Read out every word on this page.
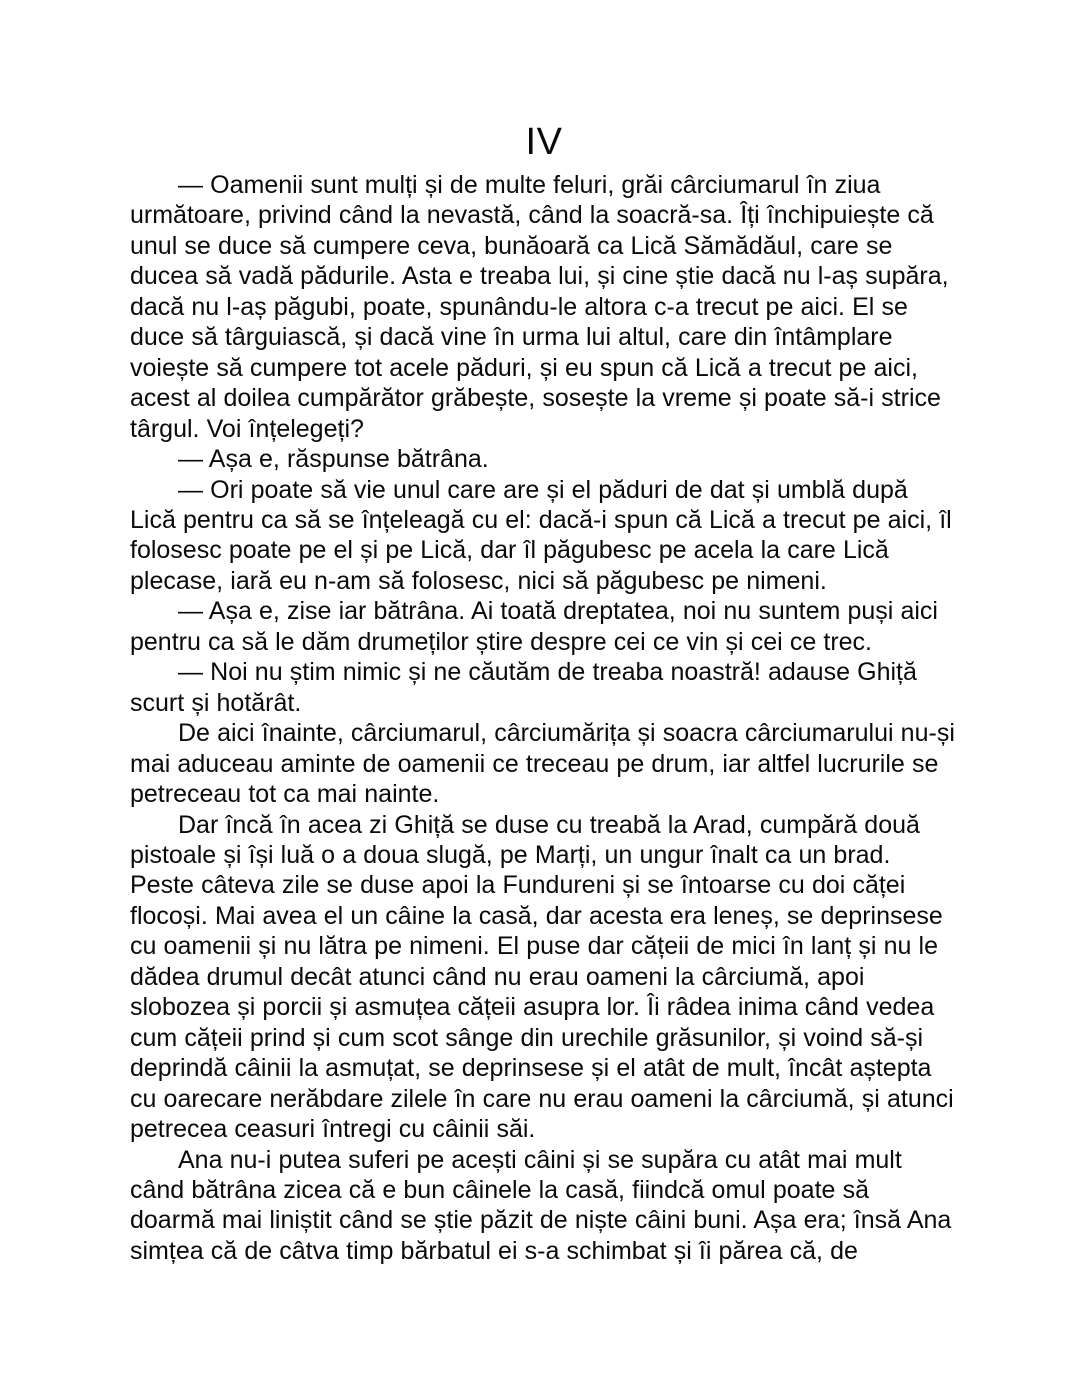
IV

— Oamenii sunt mulți și de multe feluri, grăi cârciumarul în ziua următoare, privind când la nevastă, când la soacră-sa. Îți închipuiește că unul se duce să cumpere ceva, bunăoară ca Lică Sămădăul, care se ducea să vadă pădurile. Asta e treaba lui, și cine știe dacă nu l-aș supăra, dacă nu l-aș păgubi, poate, spunându-le altora c-a trecut pe aici. El se duce să târguiască, și dacă vine în urma lui altul, care din întâmplare voiește să cumpere tot acele păduri, și eu spun că Lică a trecut pe aici, acest al doilea cumpărător grăbește, sosește la vreme și poate să-i strice târgul. Voi înțelegeți?

— Așa e, răspunse bătrâna.

— Ori poate să vie unul care are și el păduri de dat și umblă după Lică pentru ca să se înțeleagă cu el: dacă-i spun că Lică a trecut pe aici, îl folosesc poate pe el și pe Lică, dar îl păgubesc pe acela la care Lică plecase, iară eu n-am să folosesc, nici să păgubesc pe nimeni.

— Așa e, zise iar bătrâna. Ai toată dreptatea, noi nu suntem puși aici pentru ca să le dăm drumeților știre despre cei ce vin și cei ce trec.

— Noi nu știm nimic și ne căutăm de treaba noastră! adause Ghiță scurt și hotărât.

De aici înainte, cârciumarul, cârciumărița și soacra cârciumarului nu-și mai aduceau aminte de oamenii ce treceau pe drum, iar altfel lucrurile se petreceau tot ca mai nainte.

Dar încă în acea zi Ghiță se duse cu treabă la Arad, cumpără două pistoale și își luă o a doua slugă, pe Marți, un ungur înalt ca un brad. Peste câteva zile se duse apoi la Fundureni și se întoarse cu doi căței flocoși. Mai avea el un câine la casă, dar acesta era leneș, se deprinsese cu oamenii și nu lătra pe nimeni. El puse dar cățeii de mici în lanț și nu le dădea drumul decât atunci când nu erau oameni la cârciumă, apoi slobozea și porcii și asmuțea cățeii asupra lor. Îi râdea inima când vedea cum cățeii prind și cum scot sânge din urechile grăsunilor, și voind să-și deprindă câinii la asmuțat, se deprinsese și el atât de mult, încât aștepta cu oarecare nerăbdare zilele în care nu erau oameni la cârciumă, și atunci petrecea ceasuri întregi cu câinii săi.

Ana nu-i putea suferi pe acești câini și se supăra cu atât mai mult când bătrâna zicea că e bun câinele la casă, fiindcă omul poate să doarmă mai liniștit când se știe păzit de niște câini buni. Așa era; însă Ana simțea că de câtva timp bărbatul ei s-a schimbat și îi părea că, de
